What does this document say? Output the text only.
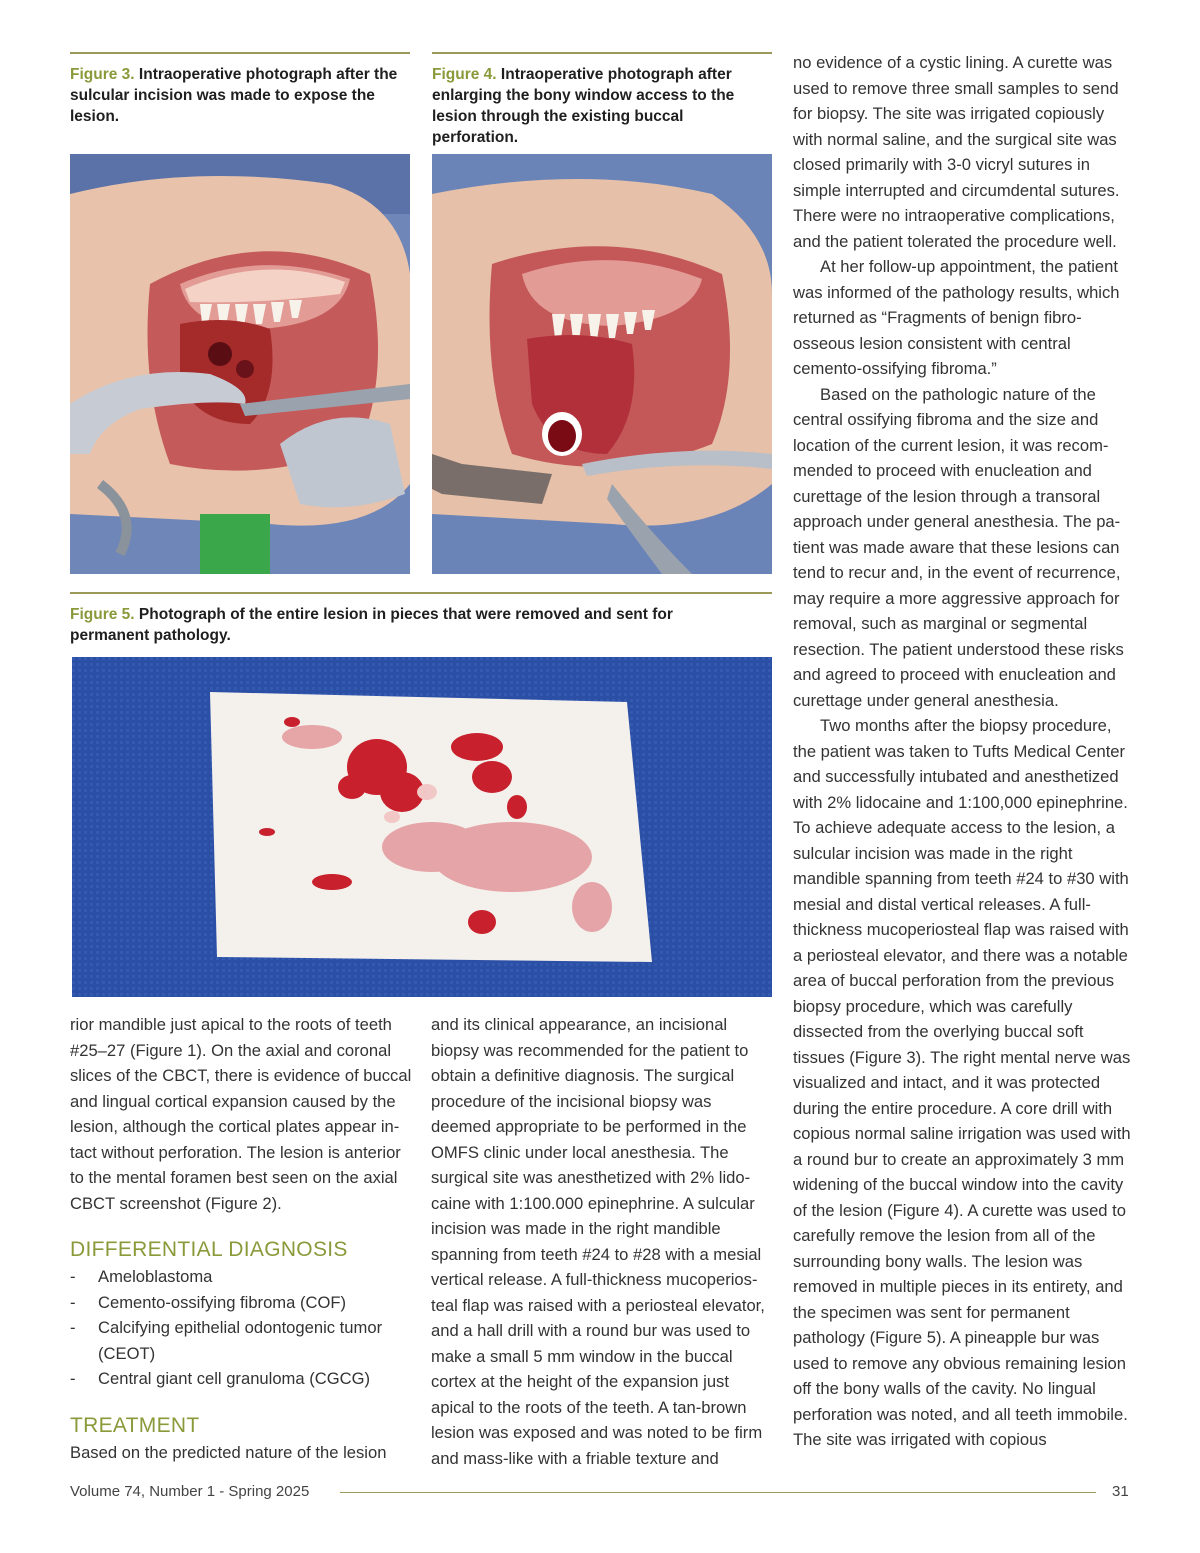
Figure 3. Intraoperative photograph after the sulcular incision was made to expose the lesion.
Figure 4. Intraoperative photograph after enlarging the bony window access to the lesion through the existing buccal perforation.
Figure 5. Photograph of the entire lesion in pieces that were removed and sent for permanent pathology.

rior mandible just apical to the roots of teeth #25–27 (Figure 1). On the axial and coronal slices of the CBCT, there is evidence of buccal and lingual cortical expansion caused by the lesion, although the cortical plates appear intact without perforation. The lesion is anterior to the mental foramen best seen on the axial CBCT screenshot (Figure 2).

DIFFERENTIAL DIAGNOSIS
- Ameloblastoma
- Cemento-ossifying fibroma (COF)
- Calcifying epithelial odontogenic tumor (CEOT)
- Central giant cell granuloma (CGCG)
TREATMENT

Based on the predicted nature of the lesion

and its clinical appearance, an incisional biopsy was recommended for the patient to obtain a definitive diagnosis. The surgical procedure of the incisional biopsy was deemed appropriate to be performed in the OMFS clinic under local anesthesia. The surgical site was anesthetized with 2% lidocaine with 1:100.000 epinephrine. A sulcular incision was made in the right mandible spanning from teeth #24 to #28 with a mesial vertical release. A full-thickness mucoperiosteal flap was raised with a periosteal elevator, and a hall drill with a round bur was used to make a small 5 mm window in the buccal cortex at the height of the expansion just apical to the roots of the teeth. A tan-brown lesion was exposed and was noted to be firm and mass-like with a friable texture and

no evidence of a cystic lining. A curette was used to remove three small samples to send for biopsy. The site was irrigated copiously with normal saline, and the surgical site was closed primarily with 3-0 vicryl sutures in simple interrupted and circumdental sutures. There were no intraoperative complications, and the patient tolerated the procedure well.

At her follow-up appointment, the patient was informed of the pathology results, which returned as “Fragments of benign fibro-osseous lesion consistent with central cemento-ossifying fibroma.”

Based on the pathologic nature of the central ossifying fibroma and the size and location of the current lesion, it was recommended to proceed with enucleation and curettage of the lesion through a transoral approach under general anesthesia. The patient was made aware that these lesions can tend to recur and, in the event of recurrence, may require a more aggressive approach for removal, such as marginal or segmental resection. The patient understood these risks and agreed to proceed with enucleation and curettage under general anesthesia.

Two months after the biopsy procedure, the patient was taken to Tufts Medical Center and successfully intubated and anesthetized with 2% lidocaine and 1:100,000 epinephrine. To achieve adequate access to the lesion, a sulcular incision was made in the right mandible spanning from teeth #24 to #30 with mesial and distal vertical releases. A full-thickness mucoperiosteal flap was raised with a periosteal elevator, and there was a notable area of buccal perforation from the previous biopsy procedure, which was carefully dissected from the overlying buccal soft tissues (Figure 3). The right mental nerve was visualized and intact, and it was protected during the entire procedure. A core drill with copious normal saline irrigation was used with a round bur to create an approximately 3 mm widening of the buccal window into the cavity of the lesion (Figure 4). A curette was used to carefully remove the lesion from all of the surrounding bony walls. The lesion was removed in multiple pieces in its entirety, and the specimen was sent for permanent pathology (Figure 5). A pineapple bur was used to remove any obvious remaining lesion off the bony walls of the cavity. No lingual perforation was noted, and all teeth immobile. The site was irrigated with copious

Volume 74, Number 1 - Spring 2025	31
